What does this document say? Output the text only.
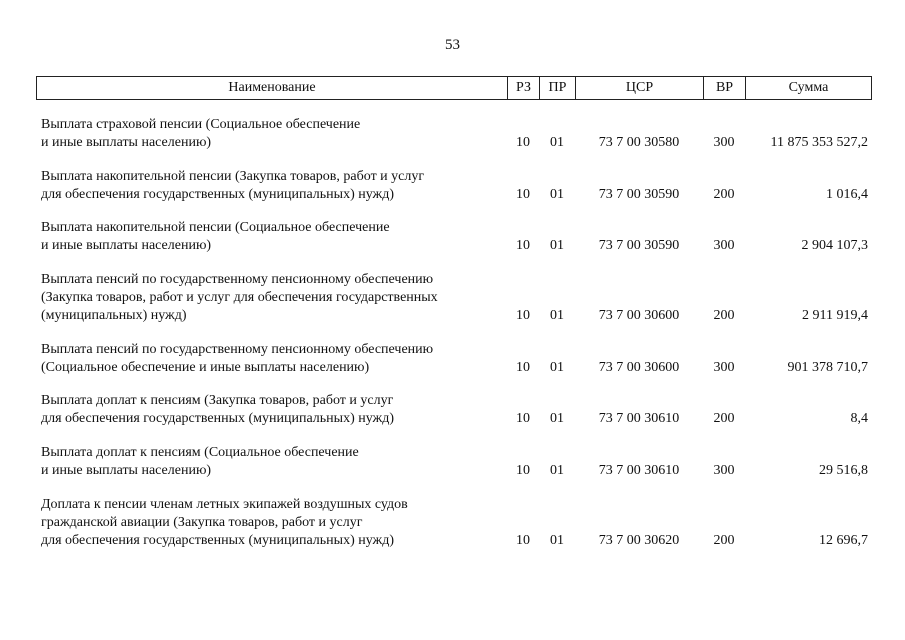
53
Наименование	РЗ	ПР	ЦСР	ВР	Сумма
Выплата страховой пенсии (Социальное обеспечение
и иные выплаты населению)	10	01	73 7 00 30580	300	11 875 353 527,2
Выплата накопительной пенсии (Закупка товаров, работ и услуг
для обеспечения государственных (муниципальных) нужд)	10	01	73 7 00 30590	200	1 016,4
Выплата накопительной пенсии (Социальное обеспечение
и иные выплаты населению)	10	01	73 7 00 30590	300	2 904 107,3
Выплата пенсий по государственному пенсионному обеспечению
(Закупка товаров, работ и услуг для обеспечения государственных
(муниципальных) нужд)	10	01	73 7 00 30600	200	2 911 919,4
Выплата пенсий по государственному пенсионному обеспечению
(Социальное обеспечение и иные выплаты населению)	10	01	73 7 00 30600	300	901 378 710,7
Выплата доплат к пенсиям (Закупка товаров, работ и услуг
для обеспечения государственных (муниципальных) нужд)	10	01	73 7 00 30610	200	8,4
Выплата доплат к пенсиям (Социальное обеспечение
и иные выплаты населению)	10	01	73 7 00 30610	300	29 516,8
Доплата к пенсии членам летных экипажей воздушных судов
гражданской авиации (Закупка товаров, работ и услуг
для обеспечения государственных (муниципальных) нужд)	10	01	73 7 00 30620	200	12 696,7
